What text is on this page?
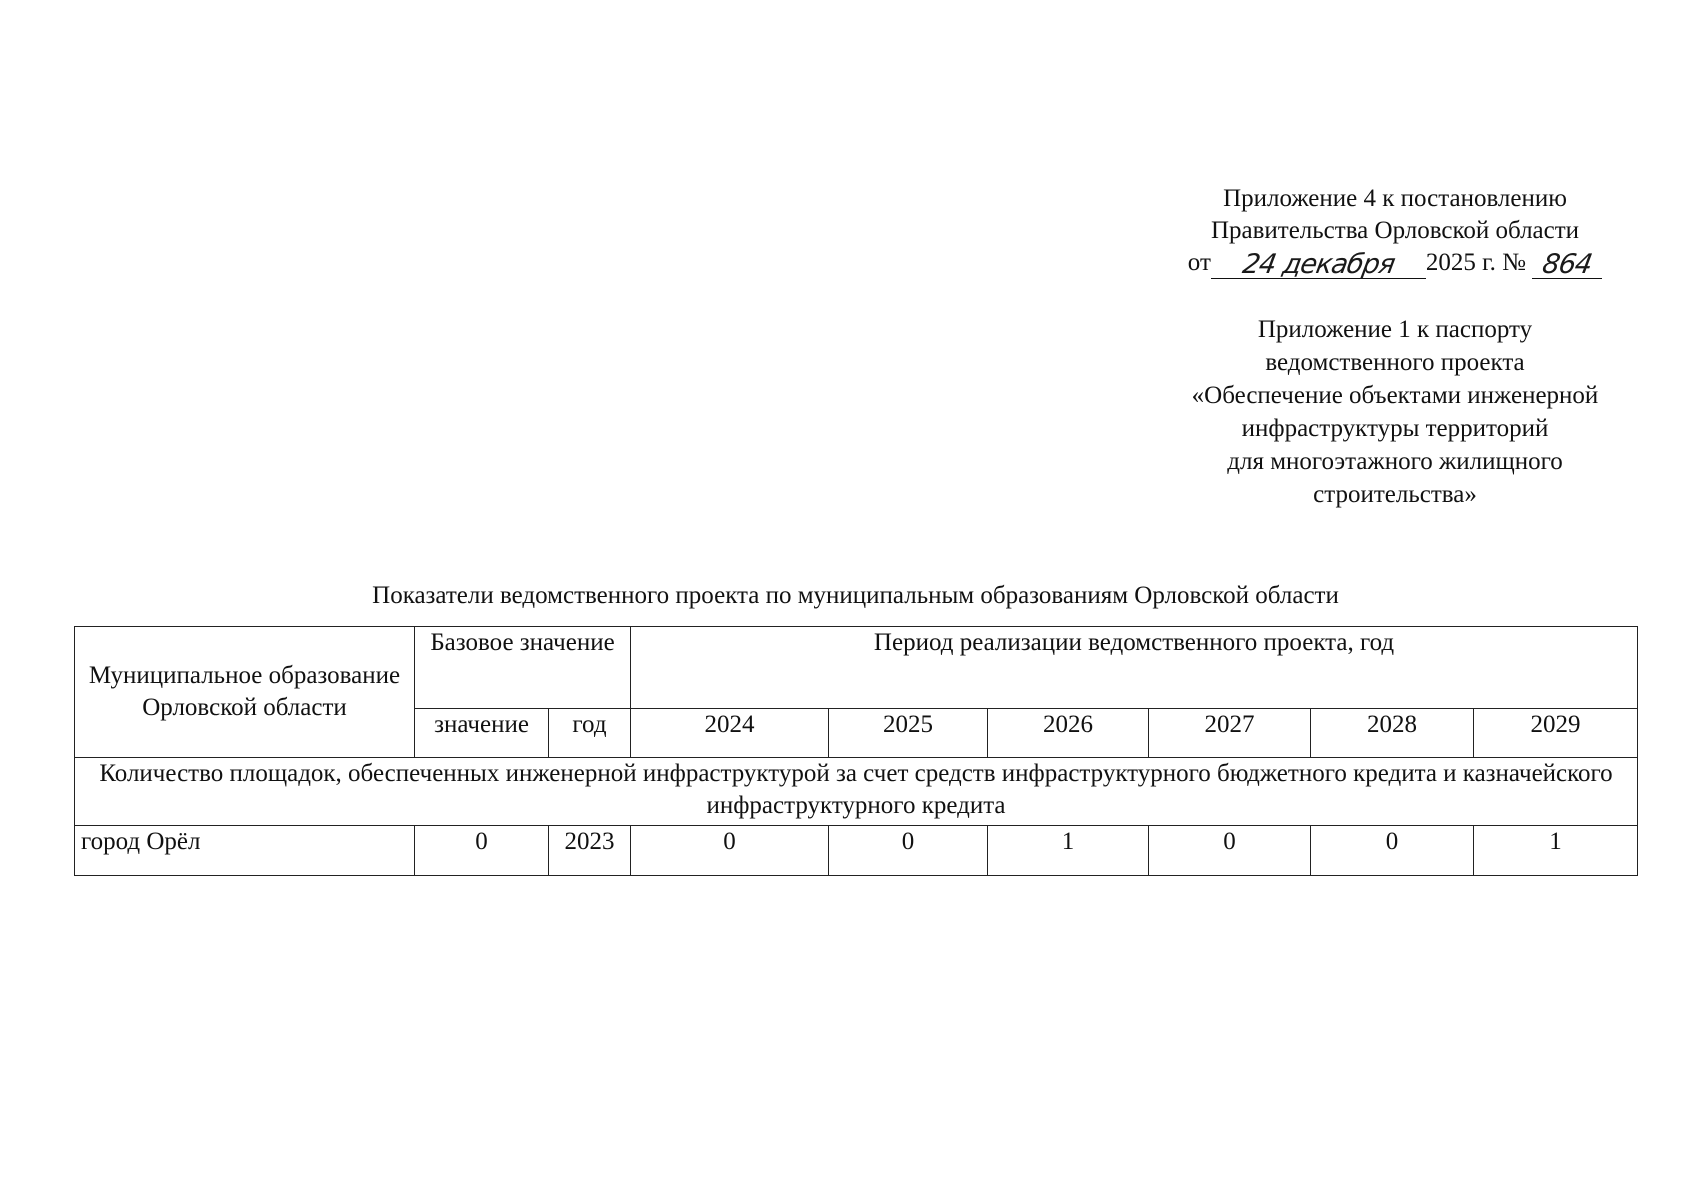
Приложение 4 к постановлению
Правительства Орловской области
от	24 декабря	2025 г. № 864
Приложение 1 к паспорту
ведомственного проекта
«Обеспечение объектами инженерной
инфраструктуры территорий
для многоэтажного жилищного
строительства»
Показатели ведомственного проекта по муниципальным образованиям Орловской области
Муниципальное образование Орловской области	Базовое значение		Период реализации ведомственного проекта, год					
	значение	год	2024	2025	2026	2027	2028	2029
Количество площадок, обеспеченных инженерной инфраструктурой за счет средств инфраструктурного бюджетного кредита и казначейского инфраструктурного кредита								
город Орёл	0	2023	0	0	1	0	0	1
